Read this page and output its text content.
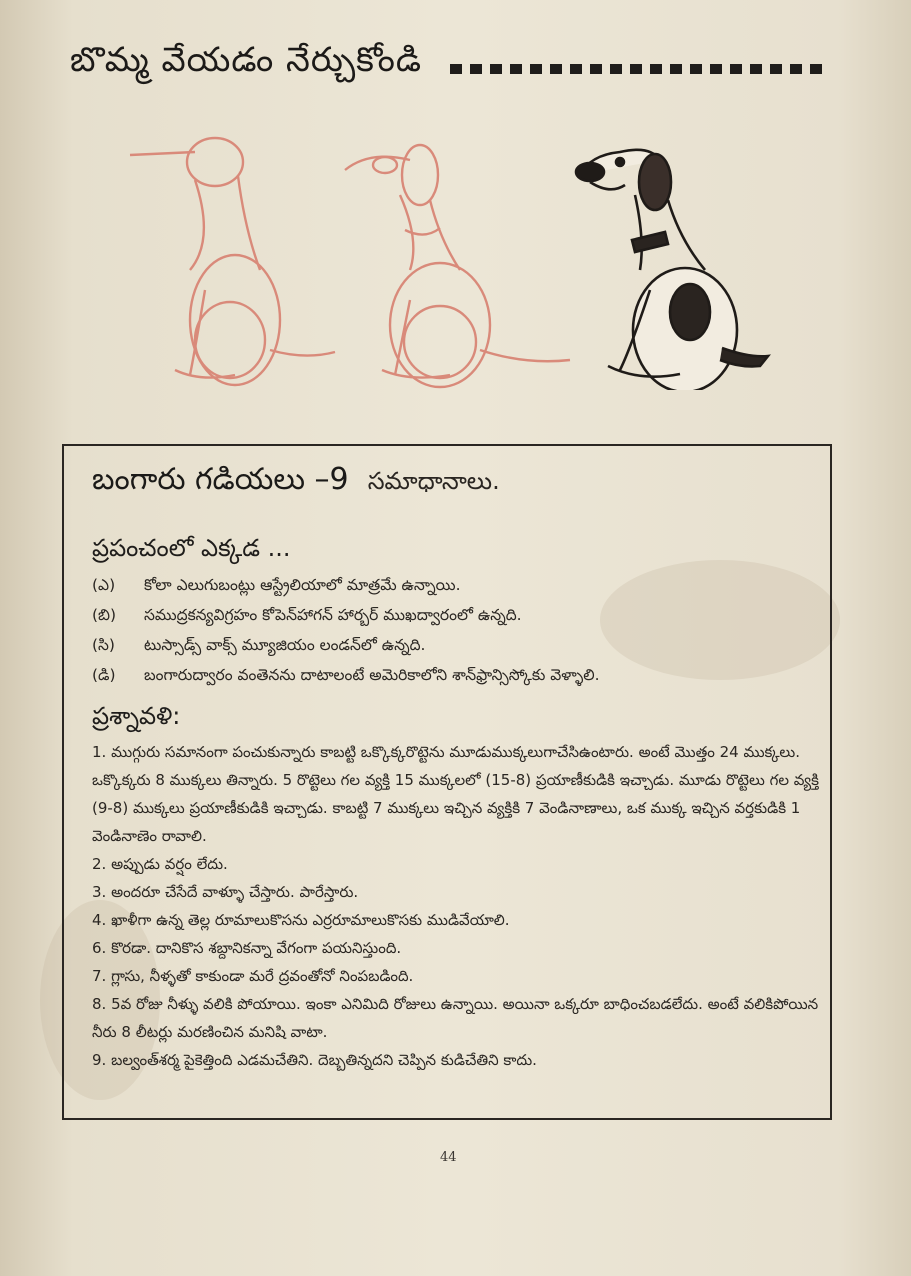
బొమ్మ వేయడం నేర్చుకోండి
బంగారు గడియలు –9 సమాధానాలు.
ప్రపంచంలో ఎక్కడ ...
(ఎ) కోలా ఎలుగుబంట్లు ఆస్ట్రేలియాలో మాత్రమే ఉన్నాయి.
(బి) సముద్రకన్యవిగ్రహం కోపెన్‌హాగన్ హార్బర్ ముఖద్వారంలో ఉన్నది.
(సి) టుస్సాడ్స్ వాక్స్ మ్యూజియం లండన్‌లో ఉన్నది.
(డి) బంగారుద్వారం వంతెనను దాటాలంటే అమెరికాలోని శాన్‌ఫ్రాన్సిస్కోకు వెళ్ళాలి.
ప్రశ్నావళి:

1. ముగ్గురు సమానంగా పంచుకున్నారు కాబట్టి ఒక్కొక్కరొట్టెను మూడుముక్కలుగాచేసిఉంటారు. అంటే మొత్తం 24 ముక్కలు. ఒక్కొక్కరు 8 ముక్కలు తిన్నారు. 5 రొట్టెలు గల వ్యక్తి 15 ముక్కలలో (15-8) ప్రయాణీకుడికి ఇచ్చాడు. మూడు రొట్టెలు గల వ్యక్తి (9-8) ముక్కలు ప్రయాణీకుడికి ఇచ్చాడు. కాబట్టి 7 ముక్కలు ఇచ్చిన వ్యక్తికి 7 వెండినాణాలు, ఒక ముక్క ఇచ్చిన వర్తకుడికి 1 వెండినాణెం రావాలి.

2. అప్పుడు వర్షం లేదు.

3. అందరూ చేసేదే వాళ్ళూ చేస్తారు. పారేస్తారు.

4. ఖాళీగా ఉన్న తెల్ల రూమాలుకొసను ఎర్రరూమాలుకొసకు ముడివేయాలి.

6. కొరడా. దానికొస శబ్దానికన్నా వేగంగా పయనిస్తుంది.

7. గ్లాసు, నీళ్ళతో కాకుండా మరే ద్రవంతోనో నింపబడింది.

8. 5వ రోజు నీళ్ళు వలికి పోయాయి. ఇంకా ఎనిమిది రోజులు ఉన్నాయి. అయినా ఒక్కరూ బాధించబడలేదు. అంటే వలికిపోయిన నీరు 8 లీటర్లు మరణించిన మనిషి వాటా.

9. బల్వంత్‌శర్మ పైకెత్తింది ఎడమచేతిని. దెబ్బతిన్నదని చెప్పిన కుడిచేతిని కాదు.

44
